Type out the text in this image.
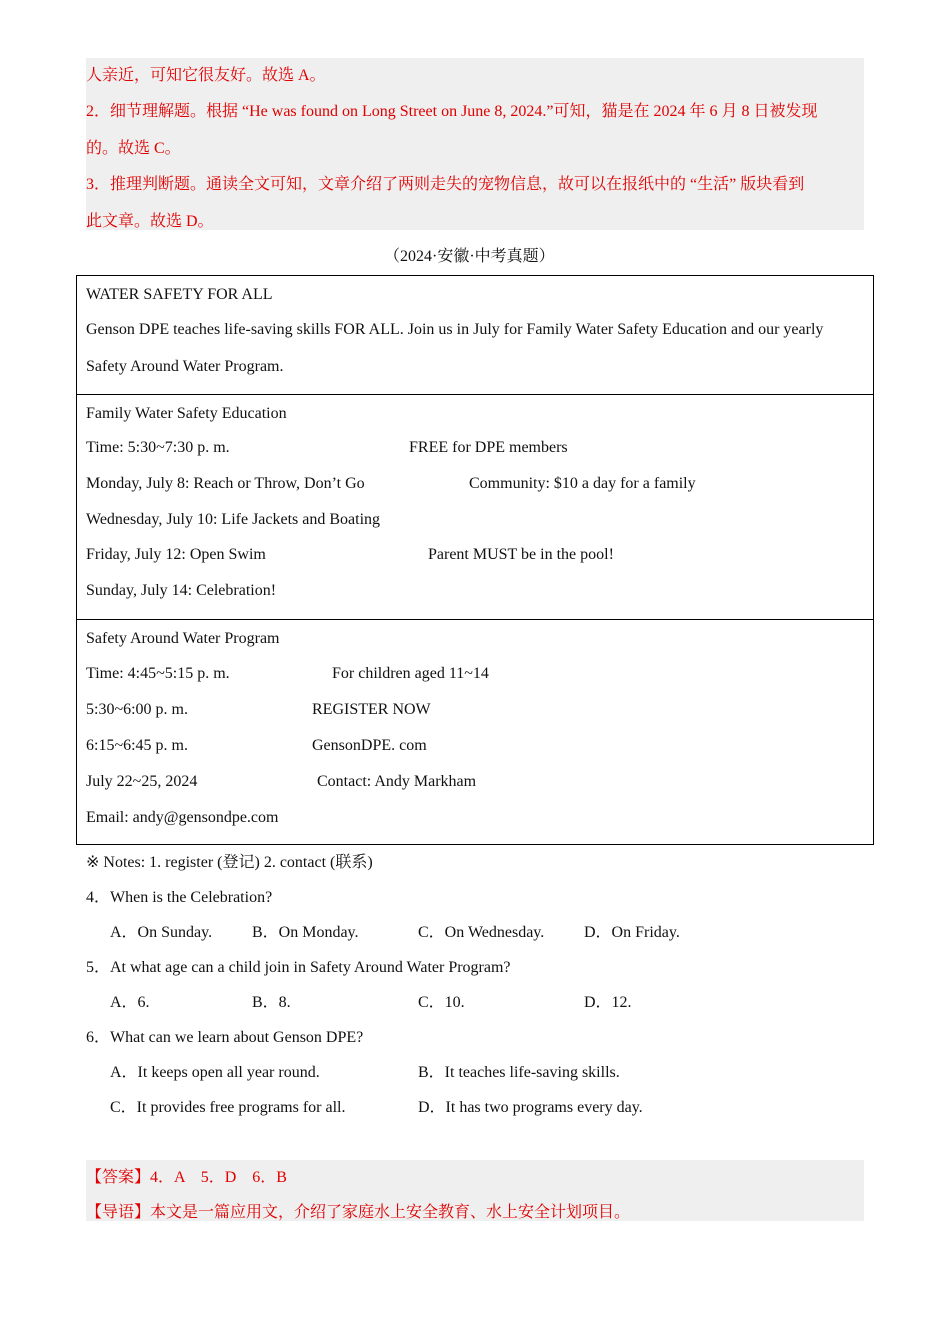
人亲近，可知它很友好。故选 A。
2．细节理解题。根据 “He was found on Long Street on June 8, 2024.”可知，猫是在 2024 年 6 月 8 日被发现
的。故选 C。
3．推理判断题。通读全文可知，文章介绍了两则走失的宠物信息，故可以在报纸中的 “生活” 版块看到
此文章。故选 D。
（2024·安徽·中考真题）
WATER SAFETY FOR ALL
Genson DPE teaches life-saving skills FOR ALL. Join us in July for Family Water Safety Education and our yearly
Safety Around Water Program.
Family Water Safety Education
Time: 5:30~7:30 p. m.	FREE for DPE members
Monday, July 8: Reach or Throw, Don’t Go	Community: $10 a day for a family
Wednesday, July 10: Life Jackets and Boating
Friday, July 12: Open Swim	Parent MUST be in the pool!
Sunday, July 14: Celebration!
Safety Around Water Program
Time: 4:45~5:15 p. m.	For children aged 11~14
5:30~6:00 p. m.	REGISTER NOW
6:15~6:45 p. m.	GensonDPE. com
July 22~25, 2024	Contact: Andy Markham
Email: andy@gensondpe.com
※ Notes: 1. register (登记) 2. contact (联系)
4．When is the Celebration?
A．On Sunday. B．On Monday.	C．On Wednesday. D．On Friday.
5．At what age can a child join in Safety Around Water Program?
A．6.	B．8.	C．10.	D．12.
6．What can we learn about Genson DPE?
A．It keeps open all year round.	B．It teaches life-saving skills.
C．It provides free programs for all.	D．It has two programs every day.
【答案】4．A　5．D　6．B
【导语】本文是一篇应用文，介绍了家庭水上安全教育、水上安全计划项目。
